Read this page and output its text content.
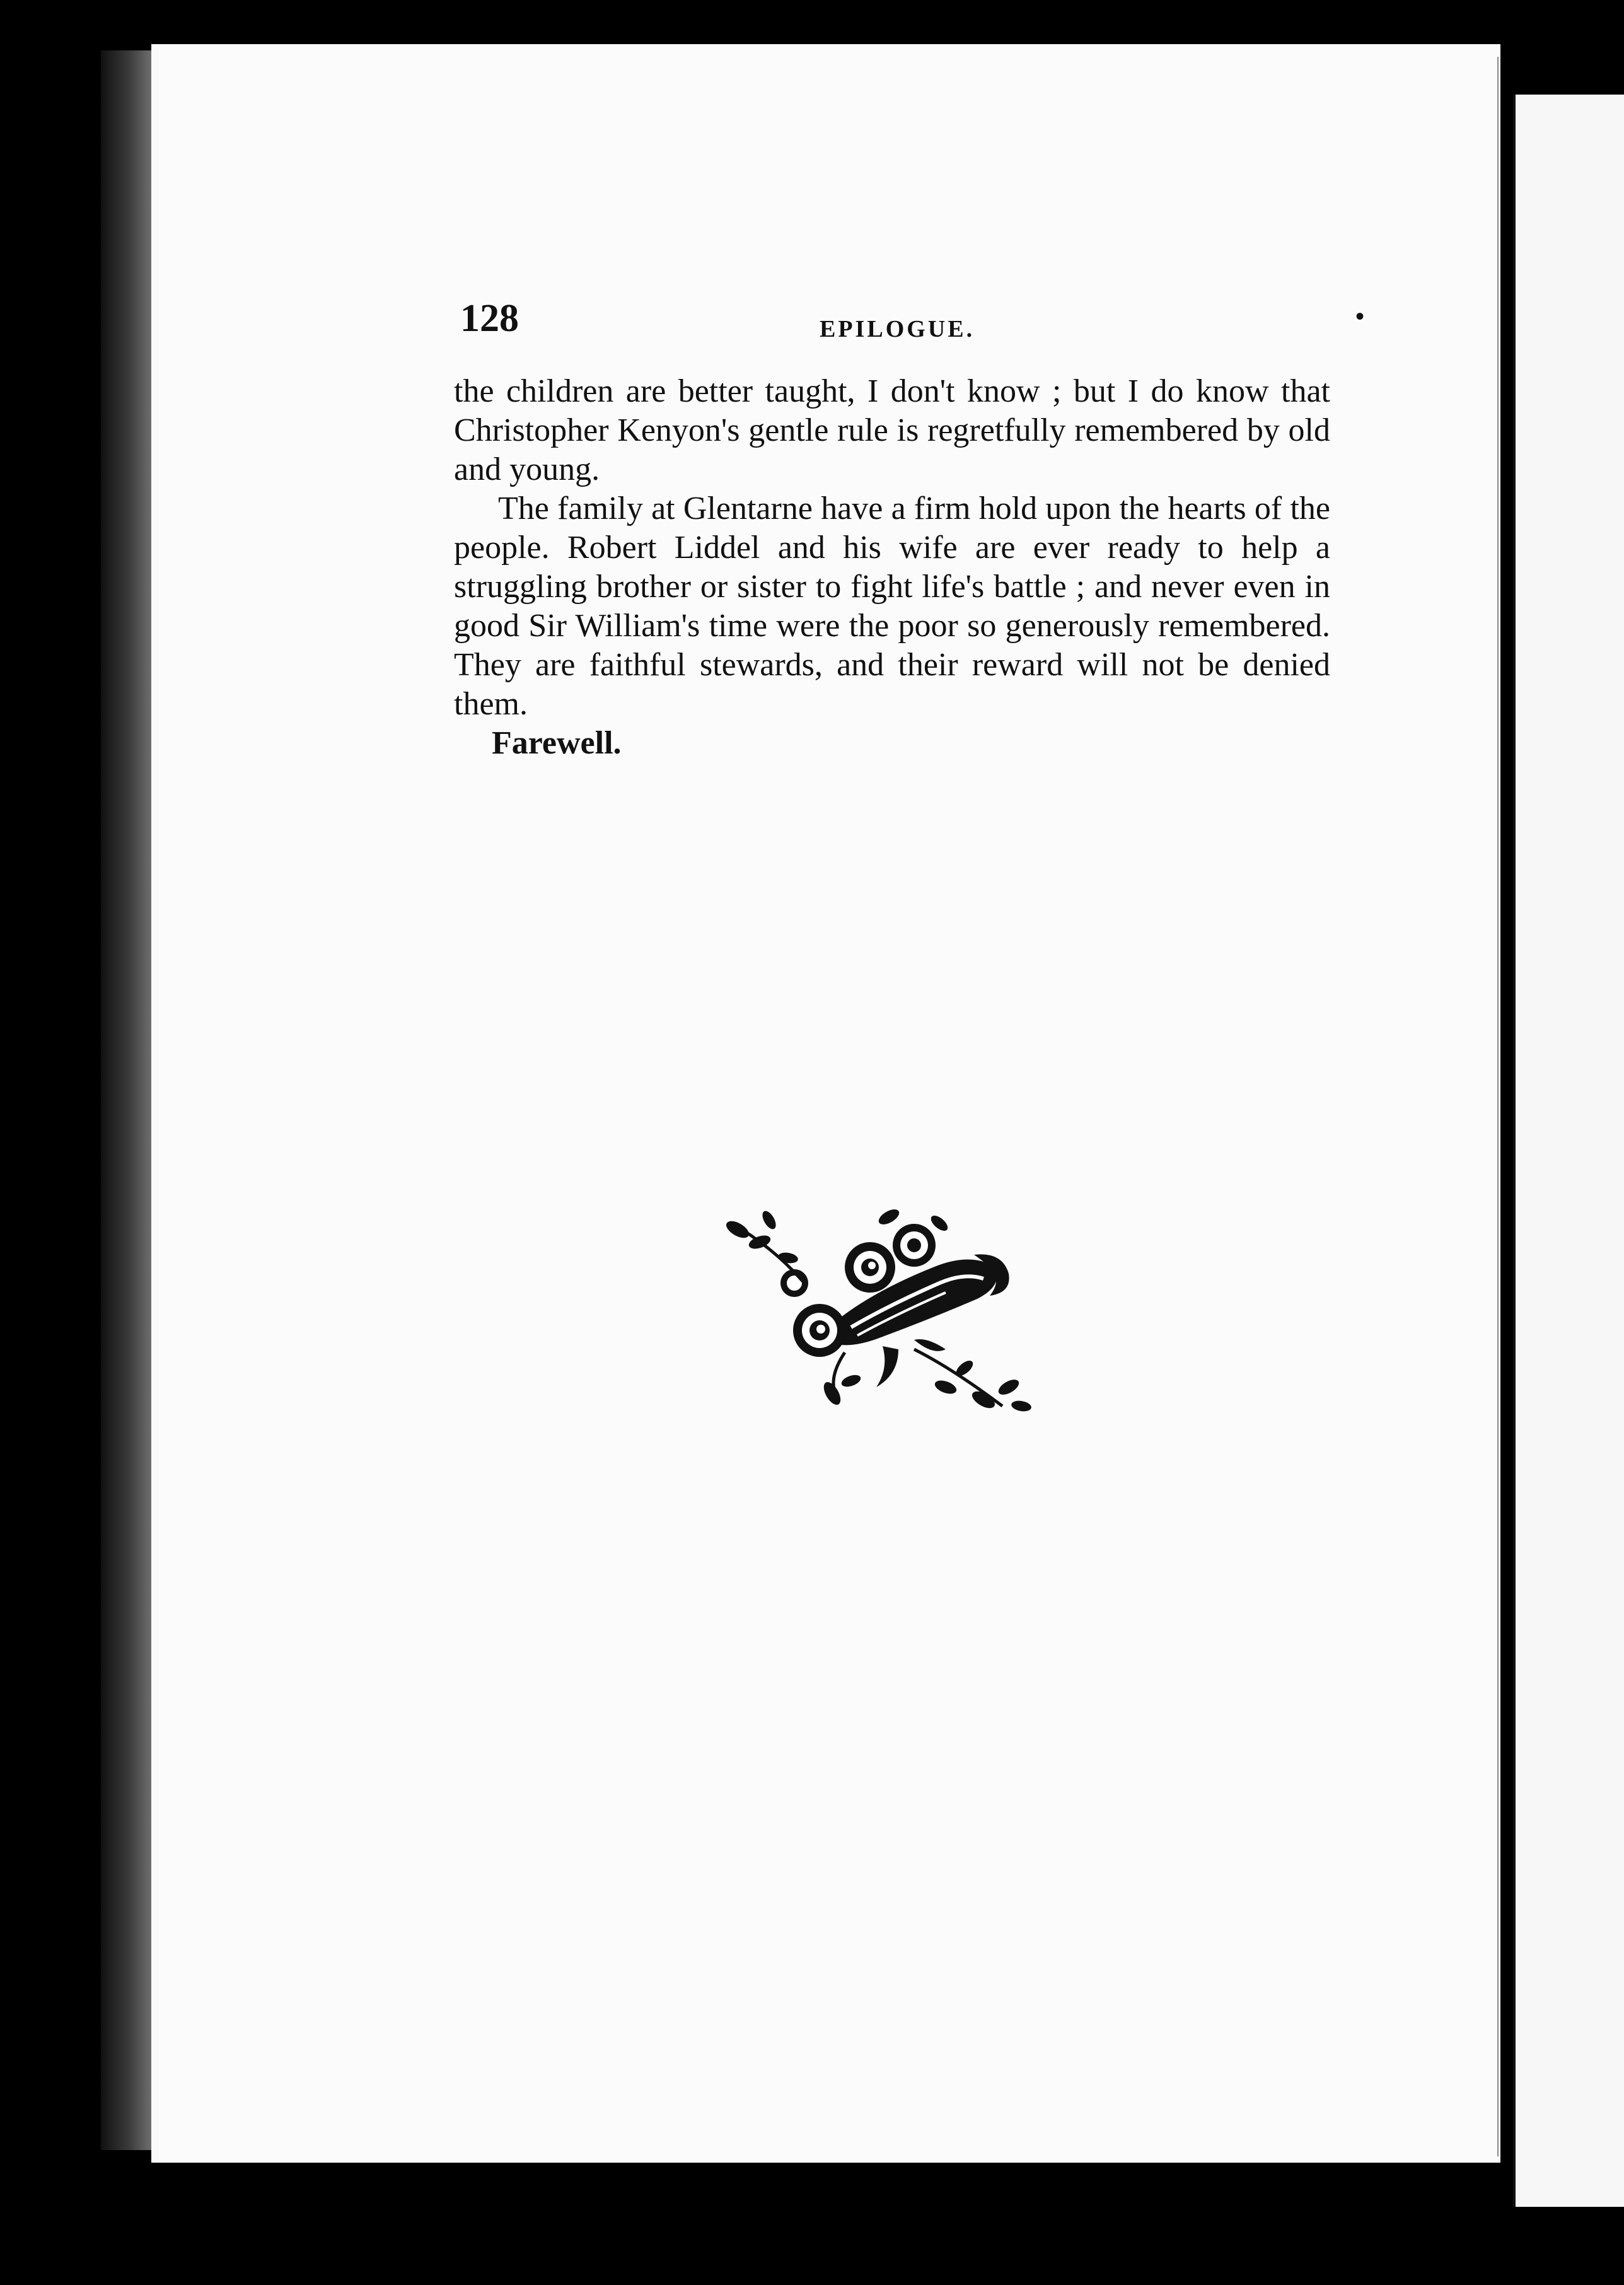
128	EPILOGUE.	•

the children are better taught, I don't know ; but I do know that Christopher Kenyon's gentle rule is regretfully remembered by old and young.

The family at Glentarne have a firm hold upon the hearts of the people. Robert Liddel and his wife are ever ready to help a struggling brother or sister to fight life's battle ; and never even in good Sir William's time were the poor so generously remembered. They are faithful stewards, and their reward will not be denied them.

Farewell.
